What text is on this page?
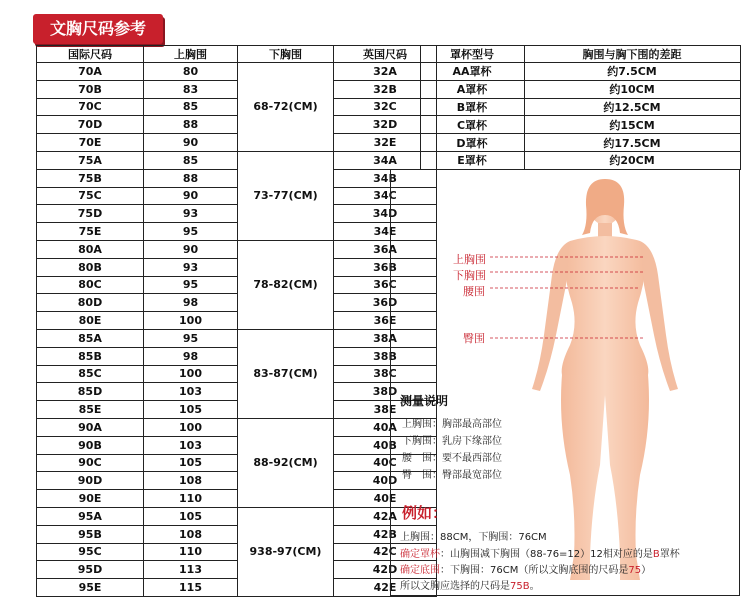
文胸尺码参考
国际尺码	上胸围	下胸围	英国尺码
70A	80	68-72(CM)	32A
70B	83		32B
70C	85		32C
70D	88		32D
70E	90		32E
75A	85	73-77(CM)	34A
75B	88		34B
75C	90		34C
75D	93		34D
75E	95		34E
80A	90	78-82(CM)	36A
80B	93		36B
80C	95		36C
80D	98		36D
80E	100		36E
85A	95	83-87(CM)	38A
85B	98		38B
85C	100		38C
85D	103		38D
85E	105		38E
90A	100	88-92(CM)	40A
90B	103		40B
90C	105		40C
90D	108		40D
90E	110		40E
95A	105	938-97(CM)	42A
95B	108		42B
95C	110		42C
95D	113		42D
95E	115		42E
	罩杯型号	胸围与胸下围的差距
	AA罩杯	约7.5CM
	A罩杯	约10CM
	B罩杯	约12.5CM
	C罩杯	约15CM
	D罩杯	约17.5CM
	E罩杯	约20CM
上胸围
下胸围
腰围
臀围
测量说明
上胸围：胸部最高部位
下胸围：乳房下缘部位
腰　围：要不最西部位
臀　围：臀部最宽部位
例如：
上胸围：88CM，下胸围：76CM
确定罩杯：山胸围减下胸围（88-76=12）12相对应的是B罩杯
确定底围：下胸围：76CM（所以文胸底围的尺码是75）
所以文胸应选择的尺码是75B。
